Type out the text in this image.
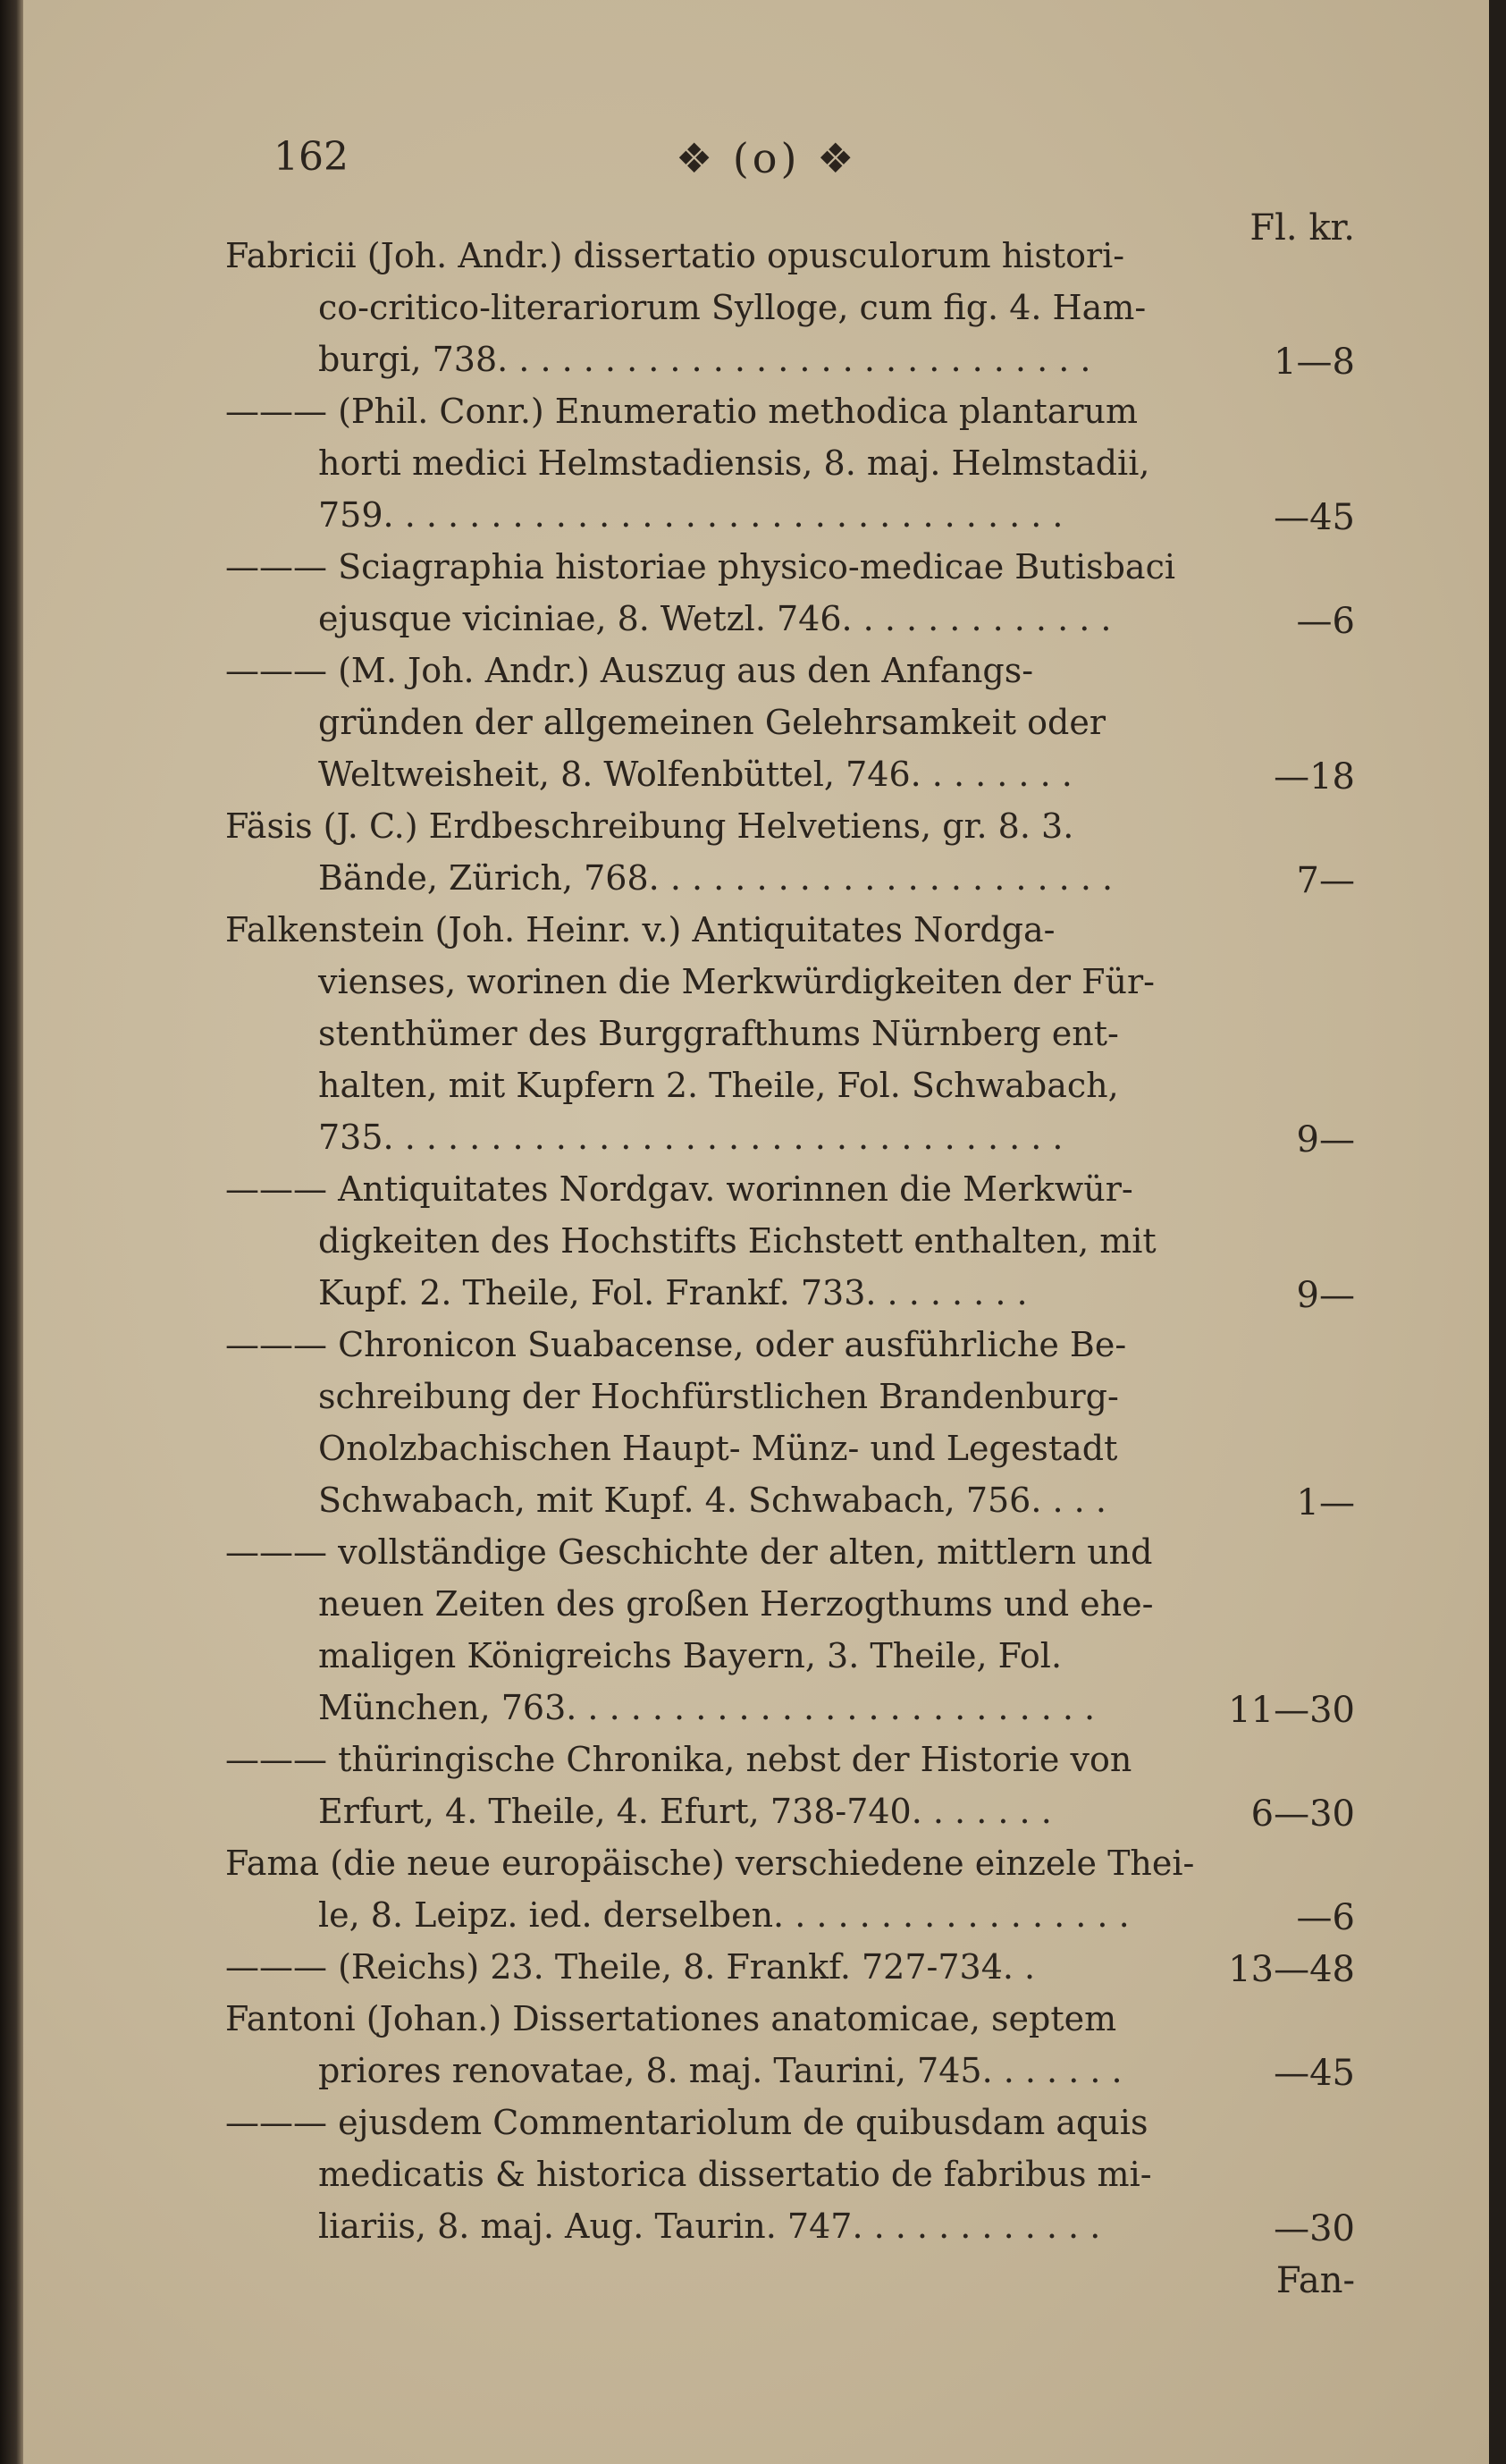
162	❖ (o) ❖
Fl. kr.
Fabricii (Joh. Andr.) dissertatio opusculorum histori-
co-critico-literariorum Sylloge, cum fig. 4. Ham-
burgi, 738. . . . . . . . . . . . . . . . . . . . . . . . . . . .	1—8
——— (Phil. Conr.) Enumeratio methodica plantarum
horti medici Helmstadiensis, 8. maj. Helmstadii,
759. . . . . . . . . . . . . . . . . . . . . . . . . . . . . . . .	—45
——— Sciagraphia historiae physico-medicae Butisbaci
ejusque viciniae, 8. Wetzl. 746. . . . . . . . . . . . .	—6
——— (M. Joh. Andr.) Auszug aus den Anfangs-
gründen der allgemeinen Gelehrsamkeit oder
Weltweisheit, 8. Wolfenbüttel, 746. . . . . . . .	—18
Fäsis (J. C.) Erdbeschreibung Helvetiens, gr. 8. 3.
Bände, Zürich, 768. . . . . . . . . . . . . . . . . . . . . .	7—
Falkenstein (Joh. Heinr. v.) Antiquitates Nordga-
vienses, worinen die Merkwürdigkeiten der Für-
stenthümer des Burggrafthums Nürnberg ent-
halten, mit Kupfern 2. Theile, Fol. Schwabach,
735. . . . . . . . . . . . . . . . . . . . . . . . . . . . . . . .	9—
——— Antiquitates Nordgav. worinnen die Merkwür-
digkeiten des Hochstifts Eichstett enthalten, mit
Kupf. 2. Theile, Fol. Frankf. 733. . . . . . . .	9—
——— Chronicon Suabacense, oder ausführliche Be-
schreibung der Hochfürstlichen Brandenburg-
Onolzbachischen Haupt- Münz- und Legestadt
Schwabach, mit Kupf. 4. Schwabach, 756. . . .	1—
——— vollständige Geschichte der alten, mittlern und
neuen Zeiten des großen Herzogthums und ehe-
maligen Königreichs Bayern, 3. Theile, Fol.
München, 763. . . . . . . . . . . . . . . . . . . . . . . . .	11—30
——— thüringische Chronika, nebst der Historie von
Erfurt, 4. Theile, 4. Efurt, 738-740. . . . . . .	6—30
Fama (die neue europäische) verschiedene einzele Thei-
le, 8. Leipz. ied. derselben. . . . . . . . . . . . . . . . .	—6
——— (Reichs) 23. Theile, 8. Frankf. 727-734. .	13—48
Fantoni (Johan.) Dissertationes anatomicae, septem
priores renovatae, 8. maj. Taurini, 745. . . . . . .	—45
——— ejusdem Commentariolum de quibusdam aquis
medicatis & historica dissertatio de fabribus mi-
liariis, 8. maj. Aug. Taurin. 747. . . . . . . . . . . .	—30
Fan-
